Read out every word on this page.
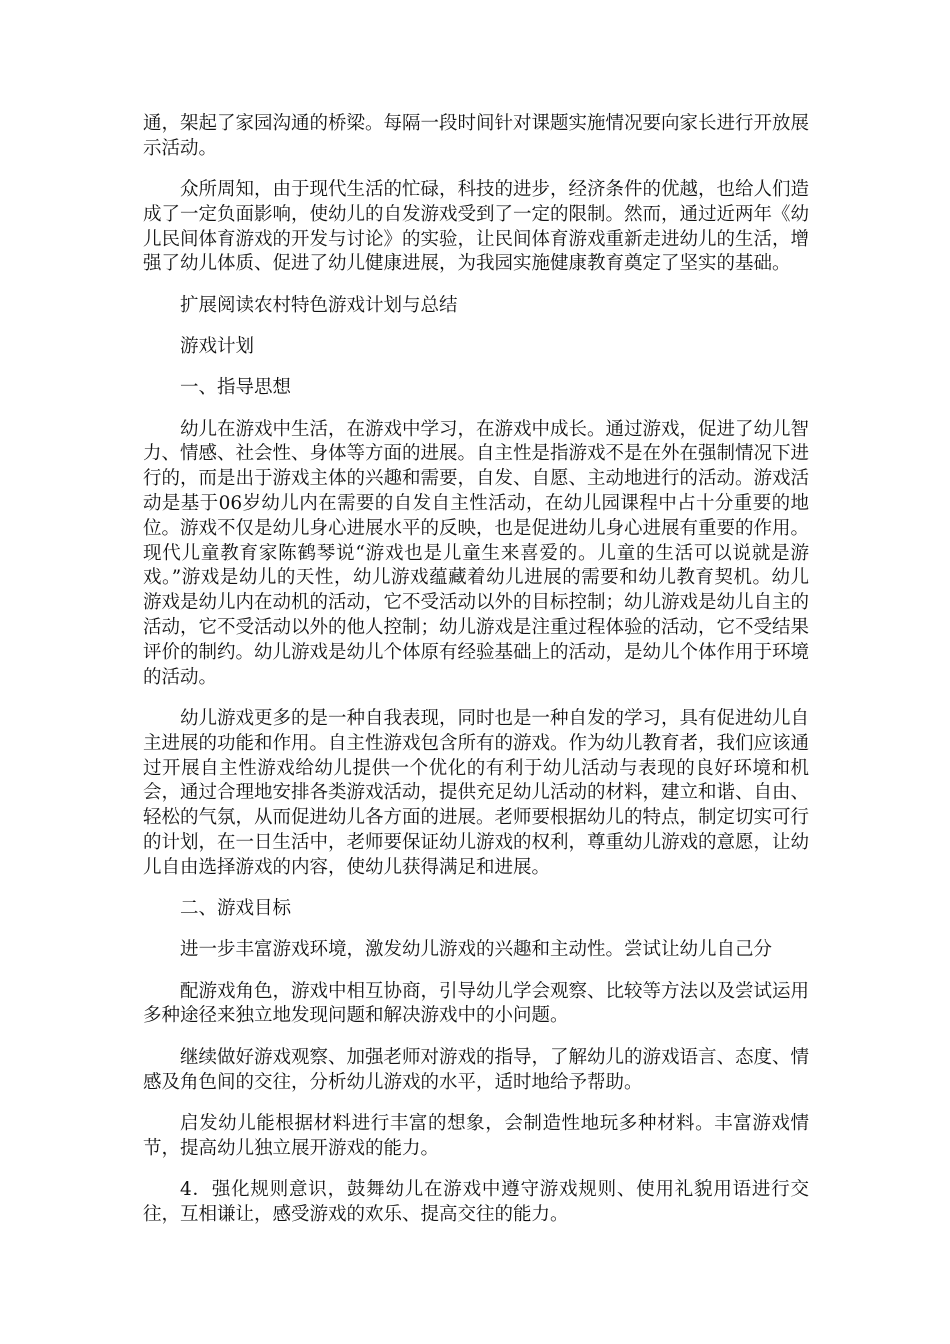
通，架起了家园沟通的桥梁。每隔一段时间针对课题实施情况要向家长进行开放展示活动。

众所周知，由于现代生活的忙碌，科技的进步，经济条件的优越，也给人们造成了一定负面影响，使幼儿的自发游戏受到了一定的限制。然而，通过近两年《幼儿民间体育游戏的开发与讨论》的实验，让民间体育游戏重新走进幼儿的生活，增强了幼儿体质、促进了幼儿健康进展，为我园实施健康教育奠定了坚实的基础。

扩展阅读农村特色游戏计划与总结

游戏计划

一、指导思想

幼儿在游戏中生活，在游戏中学习，在游戏中成长。通过游戏，促进了幼儿智力、情感、社会性、身体等方面的进展。自主性是指游戏不是在外在强制情况下进行的，而是出于游戏主体的兴趣和需要，自发、自愿、主动地进行的活动。游戏活动是基于06岁幼儿内在需要的自发自主性活动，在幼儿园课程中占十分重要的地位。游戏不仅是幼儿身心进展水平的反映，也是促进幼儿身心进展有重要的作用。现代儿童教育家陈鹤琴说“游戏也是儿童生来喜爱的。儿童的生活可以说就是游戏。”游戏是幼儿的天性，幼儿游戏蕴藏着幼儿进展的需要和幼儿教育契机。幼儿游戏是幼儿内在动机的活动，它不受活动以外的目标控制；幼儿游戏是幼儿自主的活动，它不受活动以外的他人控制；幼儿游戏是注重过程体验的活动，它不受结果评价的制约。幼儿游戏是幼儿个体原有经验基础上的活动，是幼儿个体作用于环境的活动。

幼儿游戏更多的是一种自我表现，同时也是一种自发的学习，具有促进幼儿自主进展的功能和作用。自主性游戏包含所有的游戏。作为幼儿教育者，我们应该通过开展自主性游戏给幼儿提供一个优化的有利于幼儿活动与表现的良好环境和机会，通过合理地安排各类游戏活动，提供充足幼儿活动的材料，建立和谐、自由、轻松的气氛，从而促进幼儿各方面的进展。老师要根据幼儿的特点，制定切实可行的计划，在一日生活中，老师要保证幼儿游戏的权利，尊重幼儿游戏的意愿，让幼儿自由选择游戏的内容，使幼儿获得满足和进展。

二、游戏目标

进一步丰富游戏环境，激发幼儿游戏的兴趣和主动性。尝试让幼儿自己分

配游戏角色，游戏中相互协商，引导幼儿学会观察、比较等方法以及尝试运用多种途径来独立地发现问题和解决游戏中的小问题。

继续做好游戏观察、加强老师对游戏的指导，了解幼儿的游戏语言、态度、情感及角色间的交往，分析幼儿游戏的水平，适时地给予帮助。

启发幼儿能根据材料进行丰富的想象，会制造性地玩多种材料。丰富游戏情节，提高幼儿独立展开游戏的能力。

4．强化规则意识，鼓舞幼儿在游戏中遵守游戏规则、使用礼貌用语进行交往，互相谦让，感受游戏的欢乐、提高交往的能力。
